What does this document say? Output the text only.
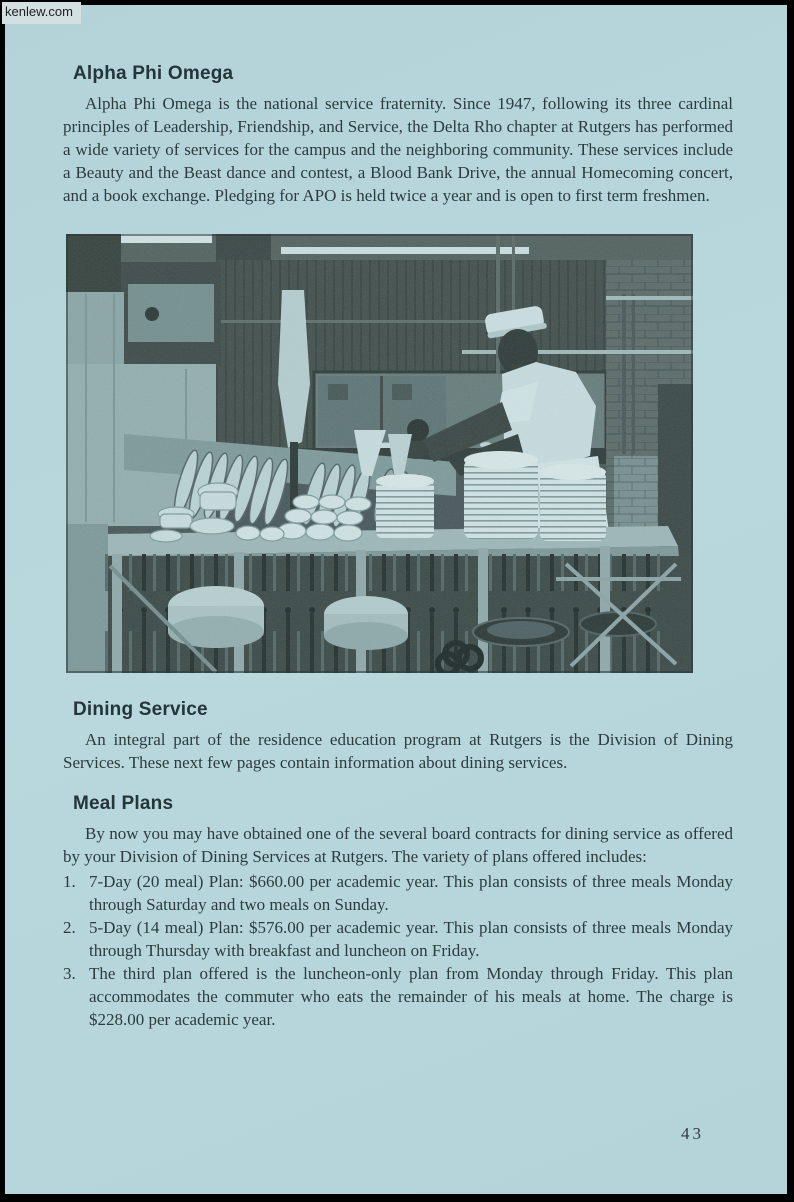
kenlew.com
Alpha Phi Omega

Alpha Phi Omega is the national service fraternity. Since 1947, following its three cardinal principles of Leadership, Friendship, and Service, the Delta Rho chapter at Rutgers has performed a wide variety of services for the campus and the neighboring community. These services include a Beauty and the Beast dance and contest, a Blood Bank Drive, the annual Homecoming concert, and a book exchange. Pledging for APO is held twice a year and is open to first term freshmen.

Dining Service

An integral part of the residence education program at Rutgers is the Division of Dining Services. These next few pages contain information about dining services.

Meal Plans

By now you may have obtained one of the several board contracts for dining service as offered by your Division of Dining Services at Rutgers. The variety of plans offered includes:

1. 7-Day (20 meal) Plan: $660.00 per academic year. This plan consists of three meals Monday through Saturday and two meals on Sunday.
2. 5-Day (14 meal) Plan: $576.00 per academic year. This plan consists of three meals Monday through Thursday with breakfast and luncheon on Friday.
3. The third plan offered is the luncheon-only plan from Monday through Friday. This plan accommodates the commuter who eats the remainder of his meals at home. The charge is $228.00 per academic year.
43
